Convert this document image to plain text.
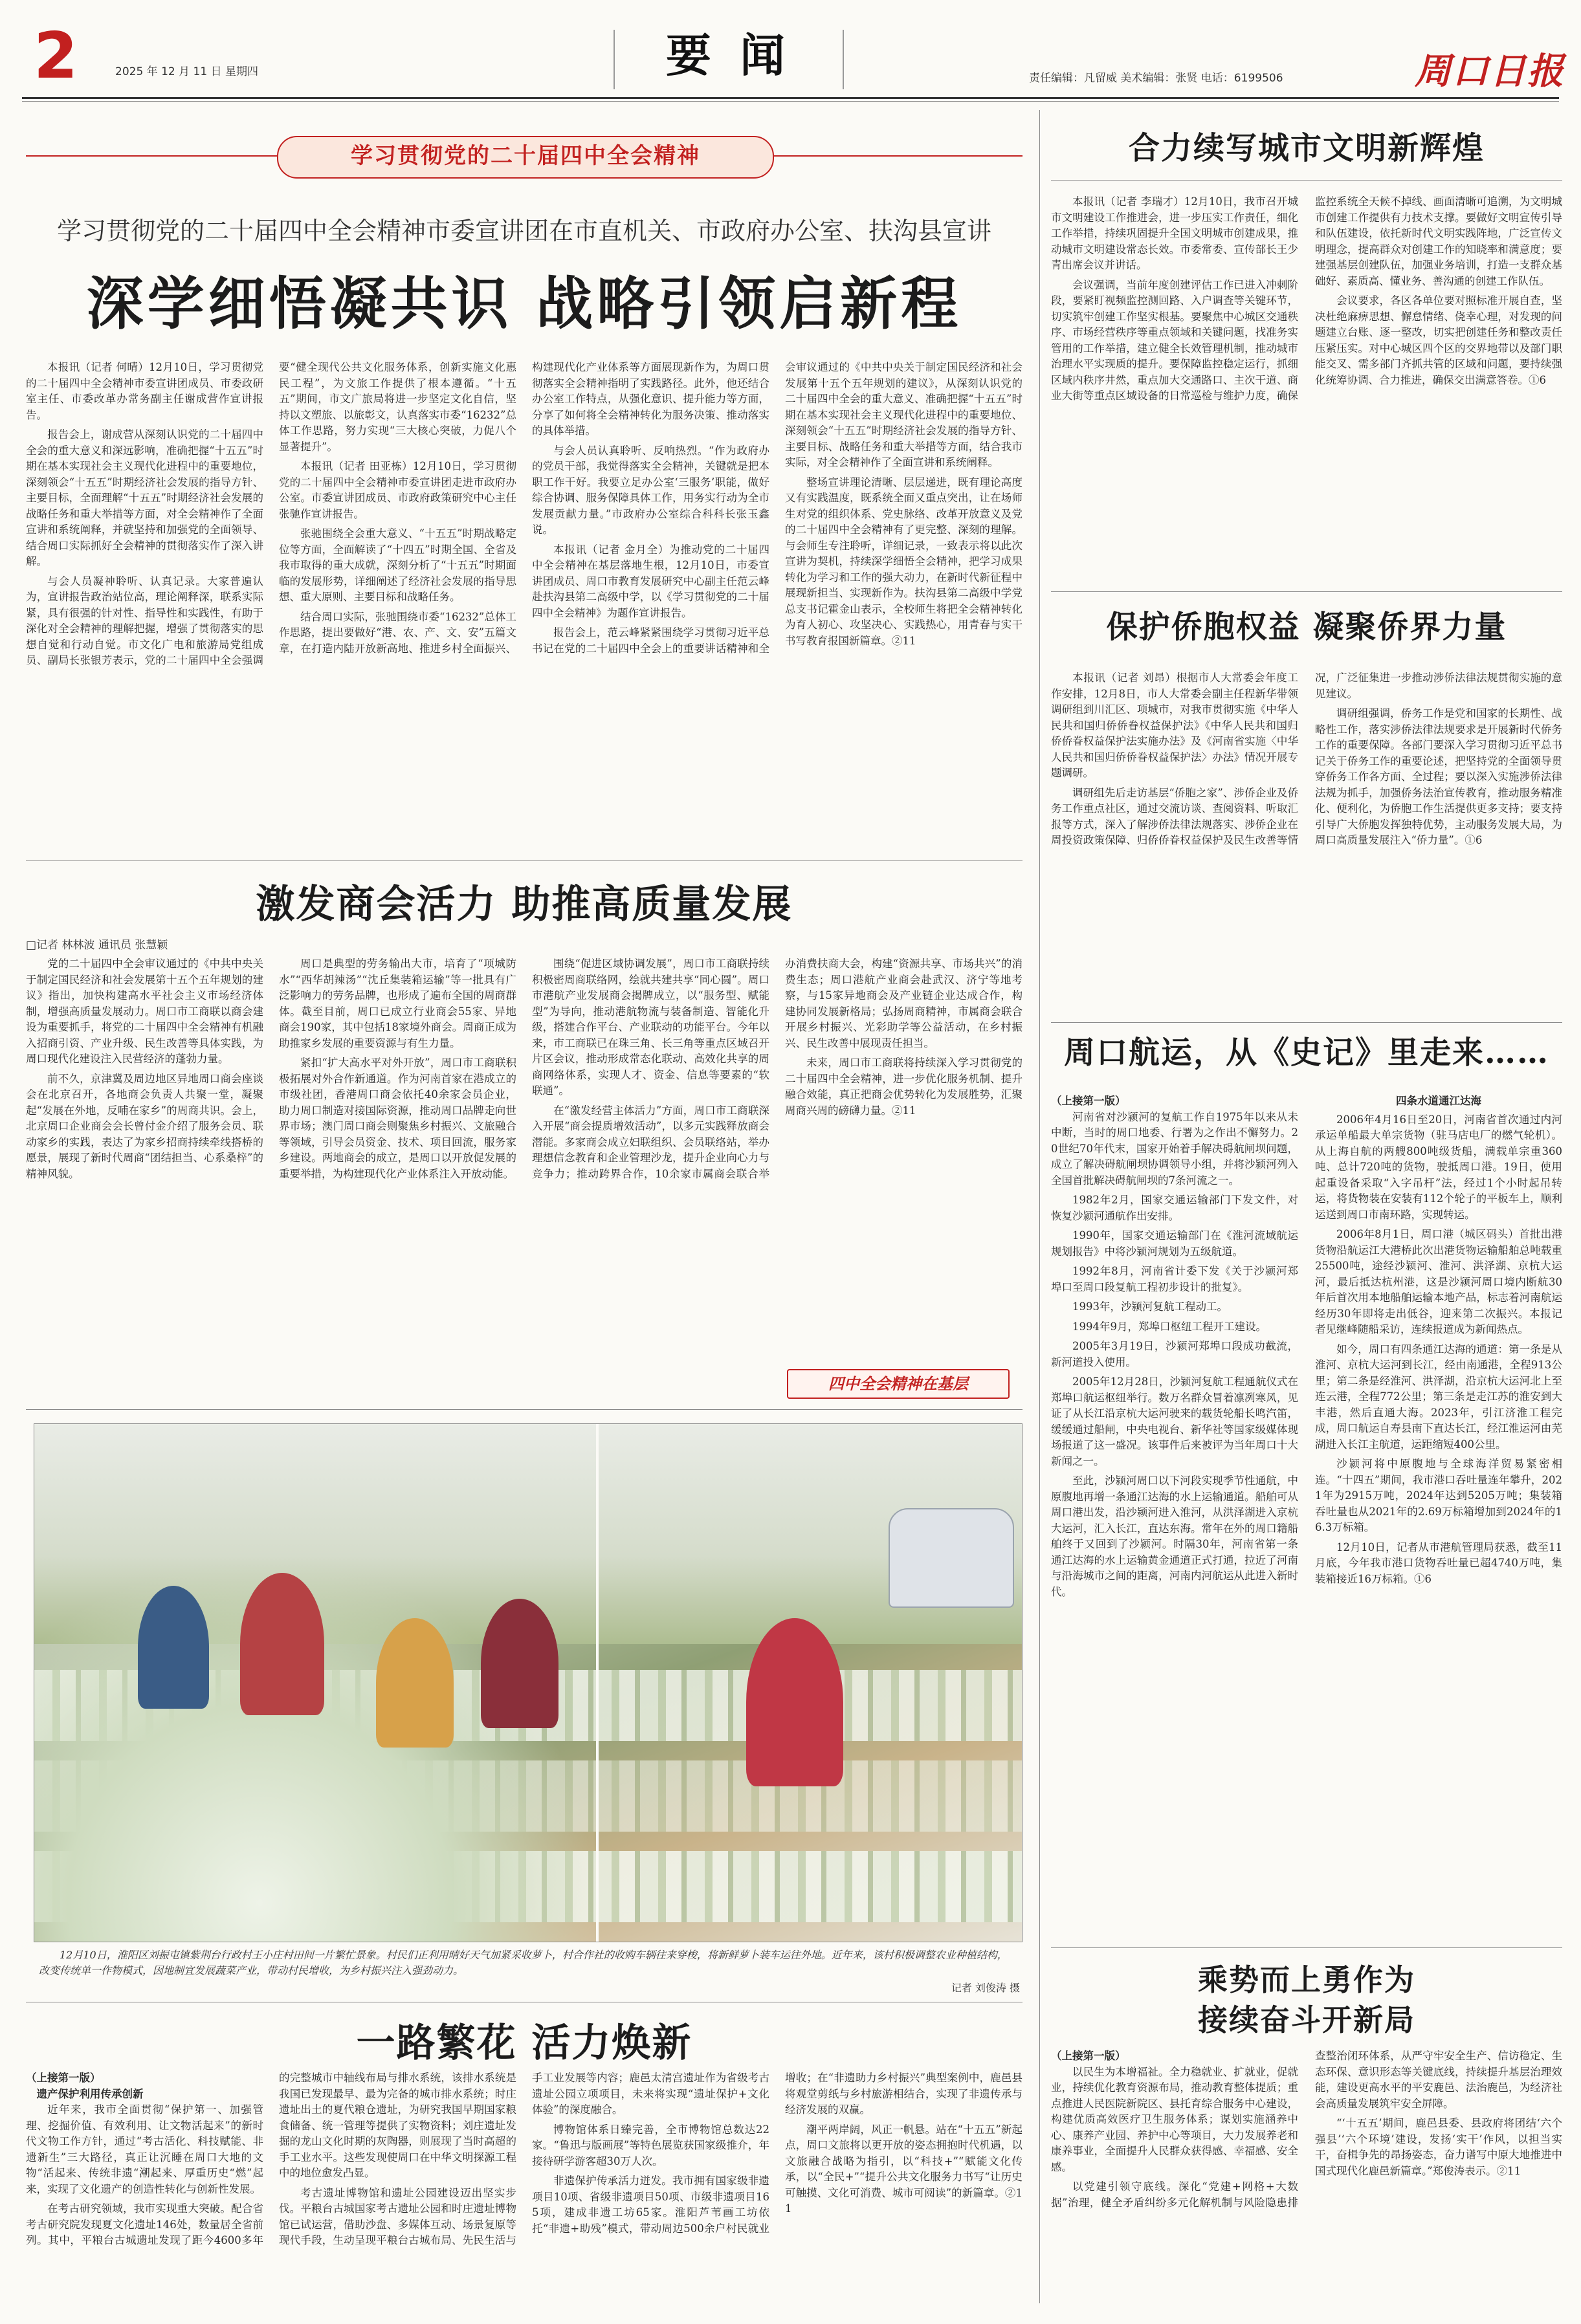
2	2025 年 12 月 11 日 星期四	要 闻	责任编辑：凡留威 美术编辑：张贤 电话：6199506	周口日报
学习贯彻党的二十届四中全会精神
学习贯彻党的二十届四中全会精神市委宣讲团在市直机关、市政府办公室、扶沟县宣讲
深学细悟凝共识 战略引领启新程

本报讯（记者 何晴）12月10日，学习贯彻党的二十届四中全会精神市委宣讲团成员、市委政研室主任、市委改革办常务副主任谢成营作宣讲报告。

报告会上，谢成营从深刻认识党的二十届四中全会的重大意义和深远影响，准确把握“十五五”时期在基本实现社会主义现代化进程中的重要地位，深刻领会“十五五”时期经济社会发展的指导方针、主要目标，全面理解“十五五”时期经济社会发展的战略任务和重大举措等方面，对全会精神作了全面宣讲和系统阐释，并就坚持和加强党的全面领导、结合周口实际抓好全会精神的贯彻落实作了深入讲解。

与会人员凝神聆听、认真记录。大家普遍认为，宣讲报告政治站位高，理论阐释深，联系实际紧，具有很强的针对性、指导性和实践性，有助于深化对全会精神的理解把握，增强了贯彻落实的思想自觉和行动自觉。市文化广电和旅游局党组成员、副局长张银芳表示，党的二十届四中全会强调要“健全现代公共文化服务体系，创新实施文化惠民工程”，为文旅工作提供了根本遵循。“十五五”期间，市文广旅局将进一步坚定文化自信，坚持以文塑旅、以旅彰文，认真落实市委“16232”总体工作思路，努力实现“三大核心突破，力促八个显著提升”。

本报讯（记者 田亚栋）12月10日，学习贯彻党的二十届四中全会精神市委宣讲团走进市政府办公室。市委宣讲团成员、市政府政策研究中心主任张驰作宣讲报告。

张驰围绕全会重大意义、“十五五”时期战略定位等方面，全面解读了“十四五”时期全国、全省及我市取得的重大成就，深刻分析了“十五五”时期面临的发展形势，详细阐述了经济社会发展的指导思想、重大原则、主要目标和战略任务。

结合周口实际，张驰围绕市委“16232”总体工作思路，提出要做好“港、农、产、文、安”五篇文章，在打造内陆开放新高地、推进乡村全面振兴、构建现代化产业体系等方面展现新作为，为周口贯彻落实全会精神指明了实践路径。此外，他还结合办公室工作特点，从强化意识、提升能力等方面，分享了如何将全会精神转化为服务决策、推动落实的具体举措。

与会人员认真聆听、反响热烈。“作为政府办的党员干部，我觉得落实全会精神，关键就是把本职工作干好。我要立足办公室‘三服务’职能，做好综合协调、服务保障具体工作，用务实行动为全市发展贡献力量。”市政府办公室综合科科长张玉鑫说。

本报讯（记者 金月全）为推动党的二十届四中全会精神在基层落地生根，12月10日，市委宣讲团成员、周口市教育发展研究中心副主任范云峰赴扶沟县第二高级中学，以《学习贯彻党的二十届四中全会精神》为题作宣讲报告。

报告会上，范云峰紧紧围绕学习贯彻习近平总书记在党的二十届四中全会上的重要讲话精神和全会审议通过的《中共中央关于制定国民经济和社会发展第十五个五年规划的建议》，从深刻认识党的二十届四中全会的重大意义、准确把握“十五五”时期在基本实现社会主义现代化进程中的重要地位、深刻领会“十五五”时期经济社会发展的指导方针、主要目标、战略任务和重大举措等方面，结合我市实际，对全会精神作了全面宣讲和系统阐释。

整场宣讲理论清晰、层层递进，既有理论高度又有实践温度，既系统全面又重点突出，让在场师生对党的组织体系、党史脉络、改革开放意义及党的二十届四中全会精神有了更完整、深刻的理解。与会师生专注聆听，详细记录，一致表示将以此次宣讲为契机，持续深学细悟全会精神，把学习成果转化为学习和工作的强大动力，在新时代新征程中展现新担当、实现新作为。扶沟县第二高级中学党总支书记霍金山表示，全校师生将把全会精神转化为育人初心、攻坚决心、实践热心，用青春与实干书写教育报国新篇章。②11

激发商会活力 助推高质量发展
□记者 林林波 通讯员 张慧颖

党的二十届四中全会审议通过的《中共中央关于制定国民经济和社会发展第十五个五年规划的建议》指出，加快构建高水平社会主义市场经济体制，增强高质量发展动力。周口市工商联以商会建设为重要抓手，将党的二十届四中全会精神有机融入招商引资、产业升级、民生改善等具体实践，为周口现代化建设注入民营经济的蓬勃力量。

前不久，京津冀及周边地区异地周口商会座谈会在北京召开，各地商会负责人共聚一堂，凝聚起“发展在外地，反哺在家乡”的周商共识。会上，北京周口企业商会会长曾付金介绍了服务会员、联动家乡的实践，表达了为家乡招商持续牵线搭桥的愿景，展现了新时代周商“团结担当、心系桑梓”的精神风貌。

周口是典型的劳务输出大市，培育了“项城防水”“西华胡辣汤”“沈丘集装箱运输”等一批具有广泛影响力的劳务品牌，也形成了遍布全国的周商群体。截至目前，周口已成立行业商会55家、异地商会190家，其中包括18家境外商会。周商正成为助推家乡发展的重要资源与有生力量。

紧扣“扩大高水平对外开放”，周口市工商联积极拓展对外合作新通道。作为河南首家在港成立的市级社团，香港周口商会依托40余家会员企业，助力周口制造对接国际资源，推动周口品牌走向世界市场；澳门周口商会则聚焦乡村振兴、文旅融合等领域，引导会员资金、技术、项目回流，服务家乡建设。两地商会的成立，是周口以开放促发展的重要举措，为构建现代化产业体系注入开放动能。

围绕“促进区域协调发展”，周口市工商联持续积极密周商联络网，绘就共建共享“同心圆”。周口市港航产业发展商会揭牌成立，以“服务型、赋能型”为导向，推动港航物流与装备制造、智能化升级，搭建合作平台、产业联动的功能平台。今年以来，市工商联已在珠三角、长三角等重点区域召开片区会议，推动形成常态化联动、高效化共享的周商网络体系，实现人才、资金、信息等要素的“软联通”。

在“激发经营主体活力”方面，周口市工商联深入开展“商会提质增效活动”，以多元实践释放商会潜能。多家商会成立妇联组织、会员联络站，举办理想信念教育和企业管理沙龙，提升企业向心力与竞争力；推动跨界合作，10余家市属商会联合举办消费扶商大会，构建“资源共享、市场共兴”的消费生态；周口港航产业商会赴武汉、济宁等地考察，与15家异地商会及产业链企业达成合作，构建协同发展新格局；弘扬周商精神，市属商会联合开展乡村振兴、光彩助学等公益活动，在乡村振兴、民生改善中展现责任担当。

未来，周口市工商联将持续深入学习贯彻党的二十届四中全会精神，进一步优化服务机制、提升融合效能，真正把商会优势转化为发展胜势，汇聚周商兴周的磅礴力量。②11

四中全会精神在基层
12月10日，淮阳区刘振屯镇紫荆台行政村王小庄村田间一片繁忙景象。村民们正利用晴好天气加紧采收萝卜，村合作社的收购车辆往来穿梭，将新鲜萝卜装车运往外地。近年来，该村积极调整农业种植结构，改变传统单一作物模式，因地制宜发展蔬菜产业，带动村民增收，为乡村振兴注入强劲动力。
记者 刘俊涛 摄
一路繁花 活力焕新
（上接第一版）
遗产保护利用传承创新

近年来，我市全面贯彻“保护第一、加强管理、挖掘价值、有效利用、让文物活起来”的新时代文物工作方针，通过“考古活化、科技赋能、非遗新生”三大路径，真正让沉睡在周口大地的文物“活起来、传统非遗“潮起来、厚重历史“燃”起来，实现了文化遗产的创造性转化与创新性发展。

在考古研究领域，我市实现重大突破。配合省考古研究院发现夏文化遗址146处，数量居全省前列。其中，平粮台古城遗址发现了距今4600多年的完整城市中轴线布局与排水系统，该排水系统是我国已发现最早、最为完备的城市排水系统；时庄遗址出土的夏代粮仓遗址，为研究我国早期国家粮食储备、统一管理等提供了实物资料；刘庄遗址发掘的龙山文化时期的灰陶器，则展现了当时高超的手工业水平。这些发现使周口在中华文明探源工程中的地位愈发凸显。

考古遗址博物馆和遗址公园建设迈出坚实步伐。平粮台古城国家考古遗址公园和时庄遗址博物馆已试运营，借助沙盘、多媒体互动、场景复原等现代手段，生动呈现平粮台古城布局、先民生活与手工业发展等内容；鹿邑太清宫遗址作为省级考古遗址公园立项项目，未来将实现“遗址保护+文化体验”的深度融合。

博物馆体系日臻完善，全市博物馆总数达22家。“鲁迅与版画展”等特色展览获国家级推介，年接待研学游客超30万人次。

非遗保护传承活力迸发。我市拥有国家级非遗项目10项、省级非遗项目50项、市级非遗项目165项，建成非遗工坊65家。淮阳芦苇画工坊依托“非遗+助残”模式，带动周边500余户村民就业增收；在“非遗助力乡村振兴”典型案例中，鹿邑县将观堂剪纸与乡村旅游相结合，实现了非遗传承与经济发展的双赢。

潮平两岸阔，风正一帆悬。站在“十五五”新起点，周口文旅将以更开放的姿态拥抱时代机遇，以文旅融合战略为指引，以“科技+”“赋能文化传承，以“全民+”“提升公共文化服务力书写“让历史可触摸、文化可消费、城市可阅读”的新篇章。②11

合力续写城市文明新辉煌

本报讯（记者 李瑞才）12月10日，我市召开城市文明建设工作推进会，进一步压实工作责任，细化工作举措，持续巩固提升全国文明城市创建成果，推动城市文明建设常态长效。市委常委、宣传部长王少青出席会议并讲话。

会议强调，当前年度创建评估工作已进入冲刺阶段，要紧盯视频监控测回路、入户调查等关键环节，切实筑牢创建工作坚实根基。要聚焦中心城区交通秩序、市场经营秩序等重点领域和关键问题，找准务实管用的工作举措，建立健全长效管理机制，推动城市治理水平实现质的提升。要保障监控稳定运行，抓细区域内秩序井然，重点加大交通路口、主次干道、商业大街等重点区域设备的日常巡检与维护力度，确保监控系统全天候不掉线、画面清晰可追溯，为文明城市创建工作提供有力技术支撑。要做好文明宣传引导和队伍建设，依托新时代文明实践阵地，广泛宣传文明理念，提高群众对创建工作的知晓率和满意度；要建强基层创建队伍，加强业务培训，打造一支群众基础好、素质高、懂业务、善沟通的创建工作队伍。

会议要求，各区各单位要对照标准开展自查，坚决杜绝麻痹思想、懈怠情绪、侥幸心理，对发现的问题建立台账、逐一整改，切实把创建任务和整改责任压紧压实。对中心城区四个区的交界地带以及部门职能交叉、需多部门齐抓共管的区域和问题，要持续强化统筹协调、合力推进，确保交出满意答卷。①6

保护侨胞权益 凝聚侨界力量

本报讯（记者 刘昂）根据市人大常委会年度工作安排，12月8日，市人大常委会副主任程新华带领调研组到川汇区、项城市，对我市贯彻实施《中华人民共和国归侨侨眷权益保护法》《中华人民共和国归侨侨眷权益保护法实施办法》及《河南省实施〈中华人民共和国归侨侨眷权益保护法〉办法》情况开展专题调研。

调研组先后走访基层“侨胞之家”、涉侨企业及侨务工作重点社区，通过交流访谈、查阅资料、听取汇报等方式，深入了解涉侨法律法规落实、涉侨企业在周投资政策保障、归侨侨眷权益保护及民生改善等情况，广泛征集进一步推动涉侨法律法规贯彻实施的意见建议。

调研组强调，侨务工作是党和国家的长期性、战略性工作，落实涉侨法律法规要求是开展新时代侨务工作的重要保障。各部门要深入学习贯彻习近平总书记关于侨务工作的重要论述，把坚持党的全面领导贯穿侨务工作各方面、全过程；要以深入实施涉侨法律法规为抓手，加强侨务法治宣传教育，推动服务精准化、便利化，为侨胞工作生活提供更多支持；要支持引导广大侨胞发挥独特优势，主动服务发展大局，为周口高质量发展注入“侨力量”。①6

周口航运，从《史记》里走来……
（上接第一版）

河南省对沙颍河的复航工作自1975年以来从未中断，当时的周口地委、行署为之作出不懈努力。20世纪70年代末，国家开始着手解决碍航闸坝问题，成立了解决碍航闸坝协调领导小组，并将沙颍河列入全国首批解决碍航闸坝的7条河流之一。

1982年2月，国家交通运输部门下发文件，对恢复沙颍河通航作出安排。

1990年，国家交通运输部门在《淮河流域航运规划报告》中将沙颍河规划为五级航道。

1992年8月，河南省计委下发《关于沙颍河郑埠口至周口段复航工程初步设计的批复》。

1993年，沙颍河复航工程动工。

1994年9月，郑埠口枢纽工程开工建设。

2005年3月19日，沙颍河郑埠口段成功截流，新河道投入使用。

2005年12月28日，沙颍河复航工程通航仪式在郑埠口航运枢纽举行。数万名群众冒着凛冽寒风，见证了从长江沿京杭大运河驶来的载货轮船长鸣汽笛，缓缓通过船闸，中央电视台、新华社等国家级媒体现场报道了这一盛况。该事件后来被评为当年周口十大新闻之一。

至此，沙颍河周口以下河段实现季节性通航，中原腹地再增一条通江达海的水上运输通道。船舶可从周口港出发，沿沙颍河进入淮河，从洪泽湖进入京杭大运河，汇入长江，直达东海。常年在外的周口籍船舶终于又回到了沙颍河。时隔30年，河南省第一条通江达海的水上运输黄金通道正式打通，拉近了河南与沿海城市之间的距离，河南内河航运从此进入新时代。

四条水道通江达海

2006年4月16日至20日，河南省首次通过内河承运单船最大单宗货物（驻马店电厂的燃气轮机）。从上海自航的两艘800吨级货船，满载单宗重360吨、总计720吨的货物，驶抵周口港。19日，使用起重设备采取“入字吊杆”法，经过1个小时起吊转运，将货物装在安装有112个轮子的平板车上，顺利运送到周口市南环路，实现转运。

2006年8月1日，周口港（城区码头）首批出港货物沿航运江大港桥此次出港货物运输船舶总吨载重25500吨，途经沙颍河、淮河、洪泽湖、京杭大运河，最后抵达杭州港，这是沙颍河周口境内断航30年后首次用本地船舶运输本地产品，标志着河南航运经历30年即将走出低谷，迎来第二次振兴。本报记者见继峰随船采访，连续报道成为新闻热点。

如今，周口有四条通江达海的通道：第一条是从淮河、京杭大运河到长江，经由南通港，全程913公里；第二条是经淮河、洪泽湖，沿京杭大运河北上至连云港，全程772公里；第三条是走江苏的淮安到大丰港，然后直通大海。2023年，引江济淮工程完成，周口航运自寿县南下直达长江，经江淮运河由芜湖进入长江主航道，运距缩短400公里。

沙颍河将中原腹地与全球海洋贸易紧密相连。“十四五”期间，我市港口吞吐量连年攀升，2021年为2915万吨，2024年达到5205万吨；集装箱吞吐量也从2021年的2.69万标箱增加到2024年的16.3万标箱。

12月10日，记者从市港航管理局获悉，截至11月底，今年我市港口货物吞吐量已超4740万吨，集装箱接近16万标箱。①6

乘势而上勇作为
接续奋斗开新局
（上接第一版）

以民生为本增福祉。全力稳就业、扩就业，促就业，持续优化教育资源布局，推动教育整体提质；重点推进人民医院新院区、县托育综合服务中心建设，构建优质高效医疗卫生服务体系；谋划实施涵养中心、康养产业园、养护中心等项目，大力发展养老和康养事业，全面提升人民群众获得感、幸福感、安全感。

以党建引领守底线。深化“党建+网格+大数据”治理，健全矛盾纠纷多元化解机制与风险隐患排查整治闭环体系，从严守牢安全生产、信访稳定、生态环保、意识形态等关键底线，持续提升基层治理效能，建设更高水平的平安鹿邑、法治鹿邑，为经济社会高质量发展筑牢安全屏障。

“‘十五五’期间，鹿邑县委、县政府将团结‘六个强县’‘六个环境’建设，发扬‘实干’作风，以担当实干，奋楫争先的昂扬姿态，奋力谱写中原大地推进中国式现代化鹿邑新篇章。”郑俊涛表示。②11
